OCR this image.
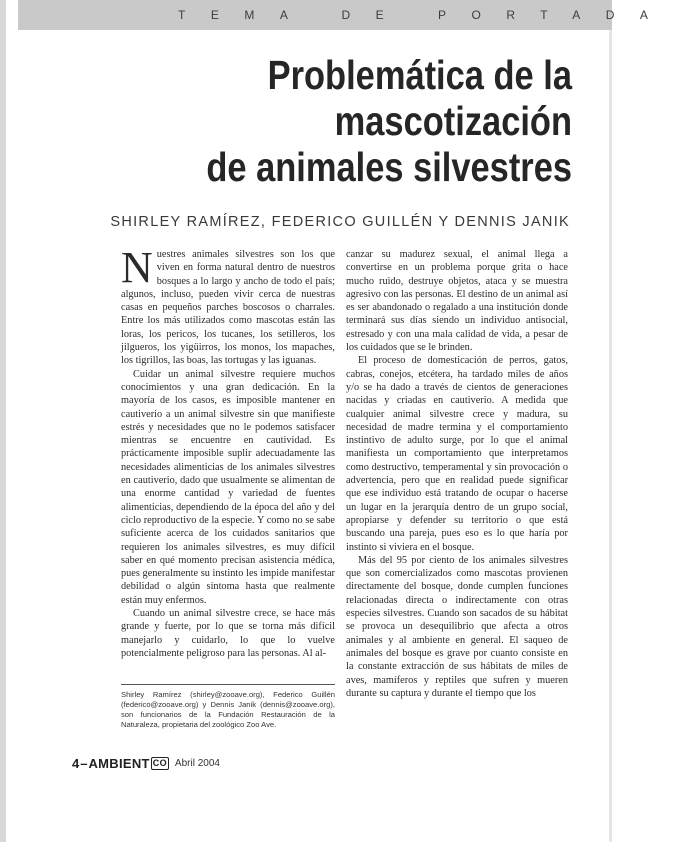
TEMA DE PORTADA
Problemática de la
mascotización
de animales silvestres
SHIRLEY RAMÍREZ, FEDERICO GUILLÉN Y DENNIS JANIK

Nuestres animales silvestres son los que viven en forma natural dentro de nuestros bosques a lo largo y ancho de todo el país; algunos, incluso, pueden vivir cerca de nuestras casas en pequeños parches boscosos o charrales. Entre los más utilizados como mascotas están las loras, los pericos, los tucanes, los setilleros, los jilgueros, los yigüirros, los monos, los mapaches, los tigrillos, las boas, las tortugas y las iguanas.

Cuidar un animal silvestre requiere muchos conocimientos y una gran dedicación. En la mayoría de los casos, es imposible mantener en cautiverio a un animal silvestre sin que manifieste estrés y necesidades que no le podemos satisfacer mientras se encuentre en cautividad. Es prácticamente imposible suplir adecuadamente las necesidades alimenticias de los animales silvestres en cautiverio, dado que usualmente se alimentan de una enorme cantidad y variedad de fuentes alimenticias, dependiendo de la época del año y del ciclo reproductivo de la especie. Y como no se sabe suficiente acerca de los cuidados sanitarios que requieren los animales silvestres, es muy difícil saber en qué momento precisan asistencia médica, pues generalmente su instinto les impide manifestar debilidad o algún síntoma hasta que realmente están muy enfermos.

Cuando un animal silvestre crece, se hace más grande y fuerte, por lo que se torna más difícil manejarlo y cuidarlo, lo que lo vuelve potencialmente peligroso para las personas. Al al-

Shirley Ramírez (shirley@zooave.org), Federico Guillén (federico@zooave.org) y Dennis Janik (dennis@zooave.org), son funcionarios de la Fundación Restauración de la Naturaleza, propietaria del zoológico Zoo Ave.

canzar su madurez sexual, el animal llega a convertirse en un problema porque grita o hace mucho ruido, destruye objetos, ataca y se muestra agresivo con las personas. El destino de un animal así es ser abandonado o regalado a una institución donde terminará sus días siendo un individuo antisocial, estresado y con una mala calidad de vida, a pesar de los cuidados que se le brinden.

El proceso de domesticación de perros, gatos, cabras, conejos, etcétera, ha tardado miles de años y/o se ha dado a través de cientos de generaciones nacidas y criadas en cautiverio. A medida que cualquier animal silvestre crece y madura, su necesidad de madre termina y el comportamiento instintivo de adulto surge, por lo que el animal manifiesta un comportamiento que interpretamos como destructivo, temperamental y sin provocación o advertencia, pero que en realidad puede significar que ese individuo está tratando de ocupar o hacerse un lugar en la jerarquía dentro de un grupo social, apropiarse y defender su territorio o que está buscando una pareja, pues eso es lo que haría por instinto si viviera en el bosque.

Más del 95 por ciento de los animales silvestres que son comercializados como mascotas provienen directamente del bosque, donde cumplen funciones relacionadas directa o indirectamente con otras especies silvestres. Cuando son sacados de su hábitat se provoca un desequilibrio que afecta a otros animales y al ambiente en general. El saqueo de animales del bosque es grave por cuanto consiste en la constante extracción de sus hábitats de miles de aves, mamíferos y reptiles que sufren y mueren durante su captura y durante el tiempo que los

4 – AMBIENT CO Abril 2004
